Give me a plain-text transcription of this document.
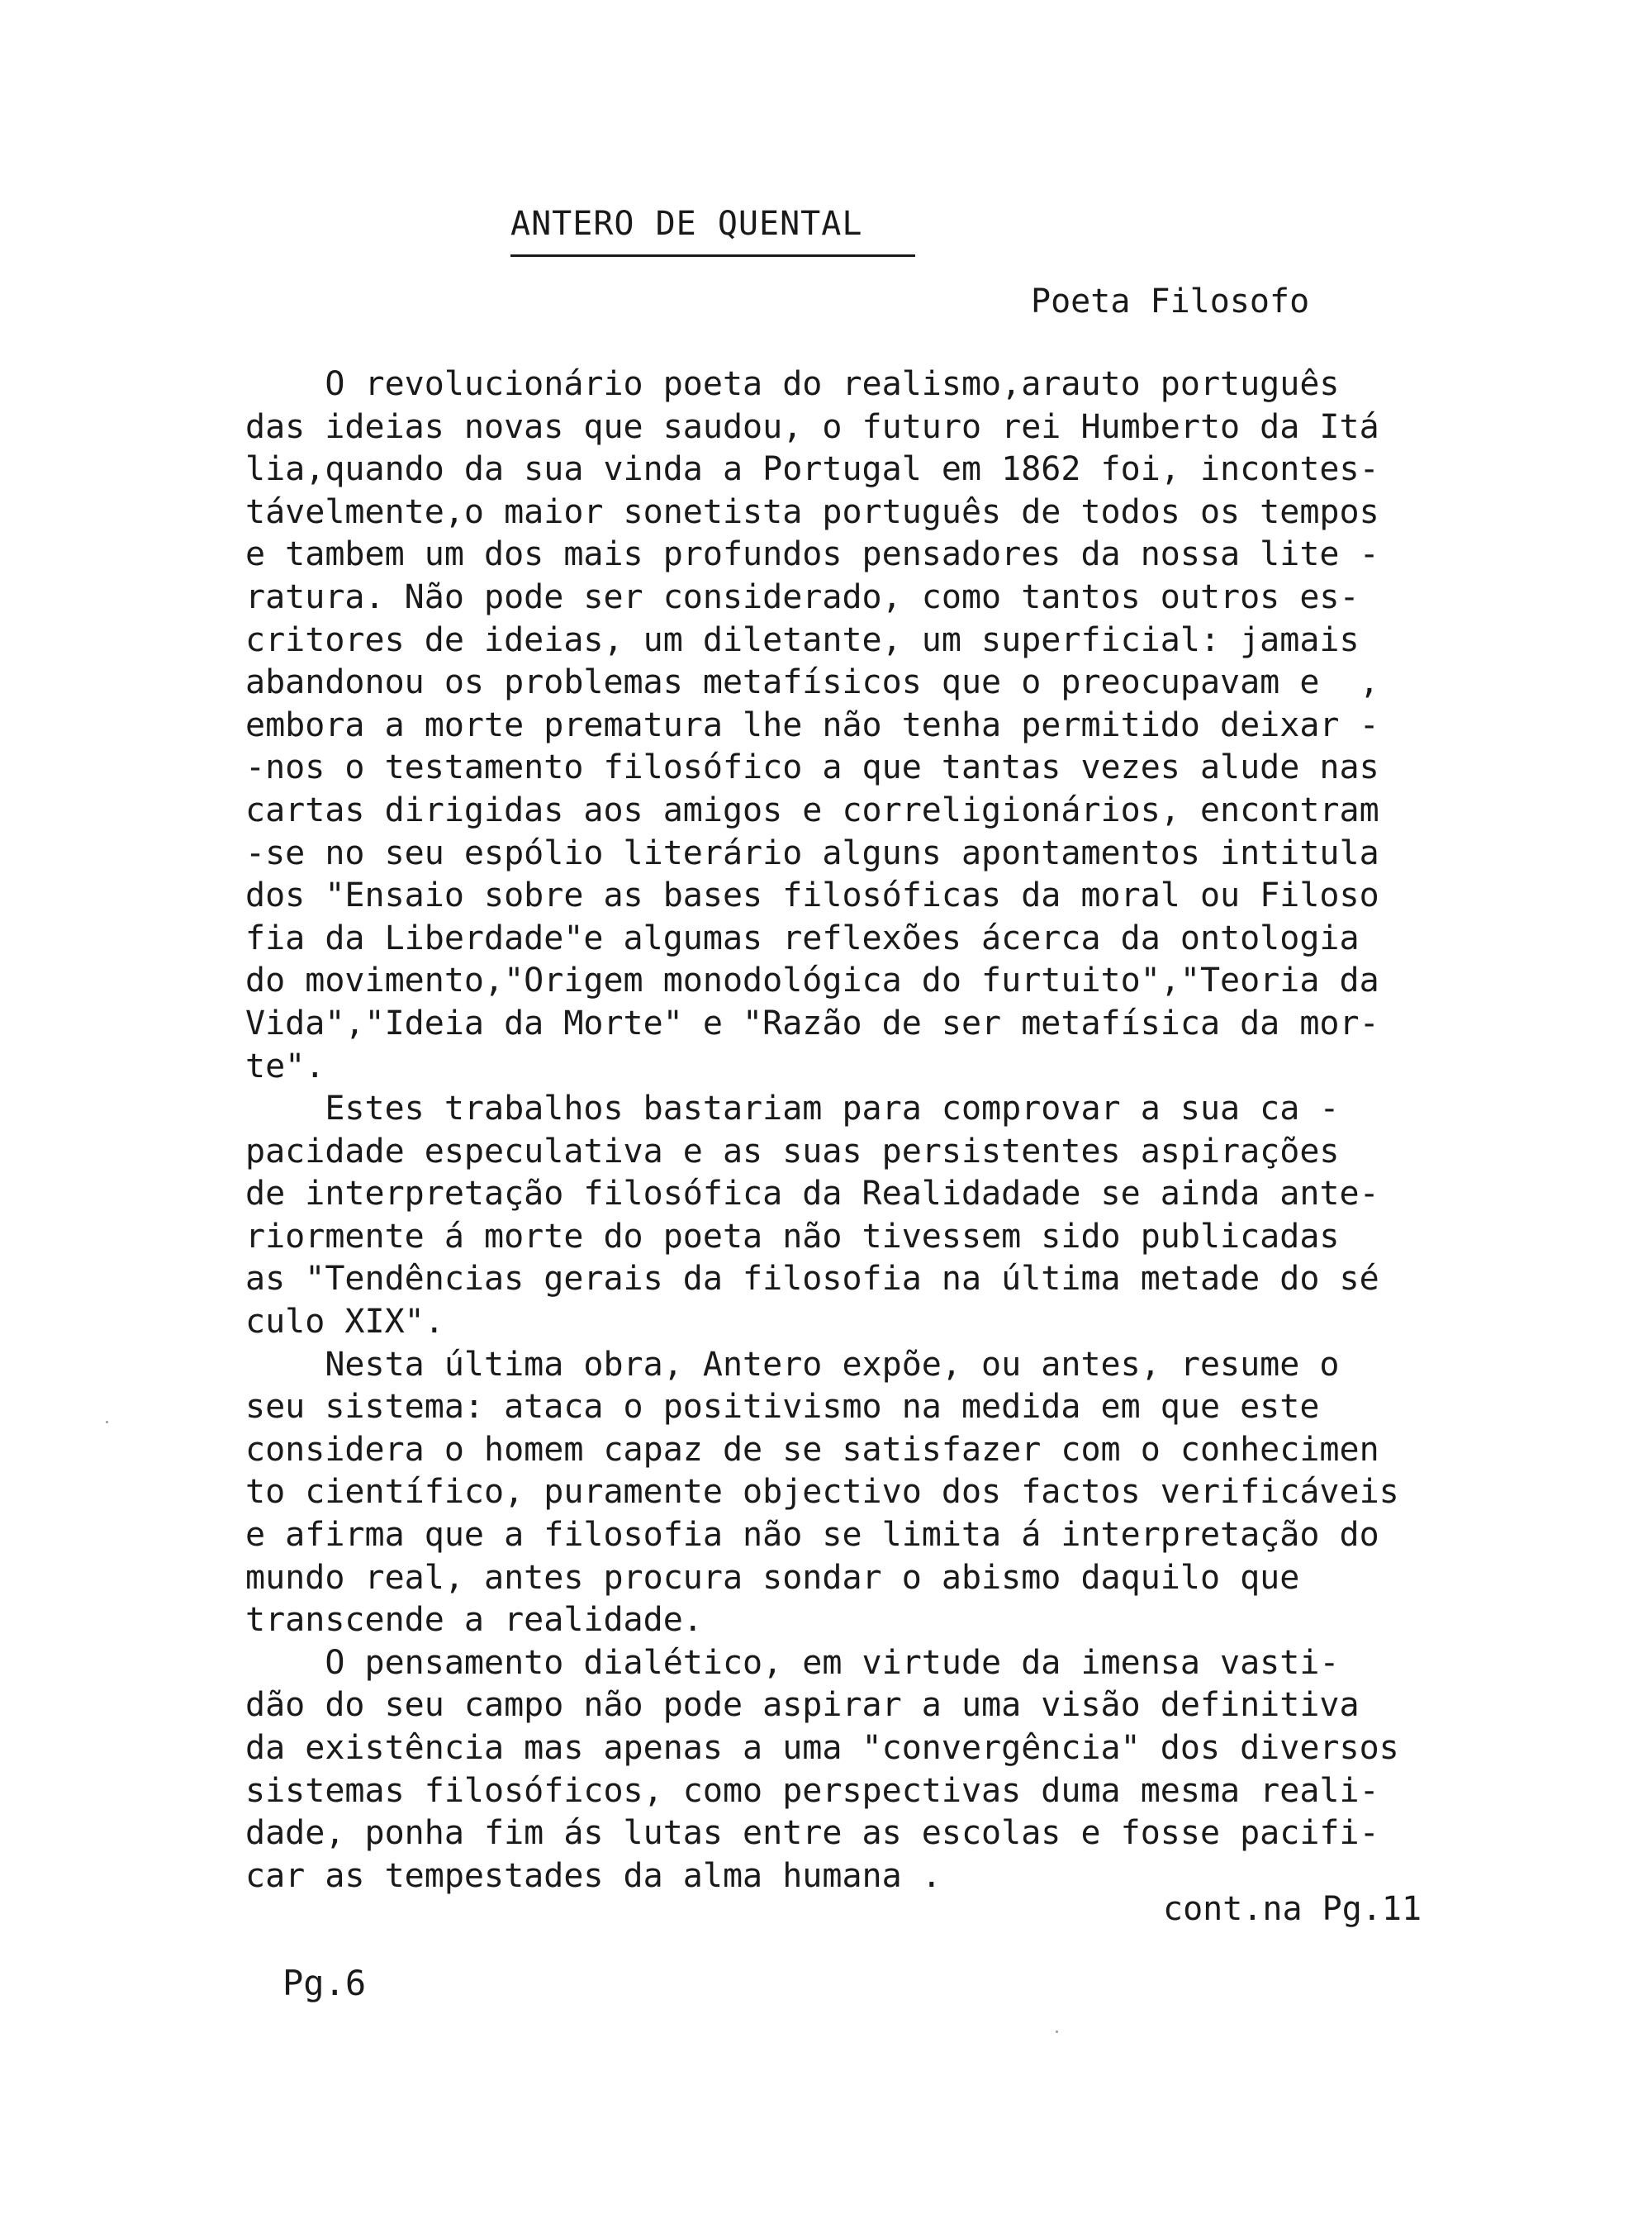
ANTERO DE QUENTAL
Poeta Filosofo
O revolucionário poeta do realismo,arauto português
das ideias novas que saudou, o futuro rei Humberto da Itá
lia,quando da sua vinda a Portugal em 1862 foi, incontes-
távelmente,o maior sonetista português de todos os tempos
e tambem um dos mais profundos pensadores da nossa lite -
ratura. Não pode ser considerado, como tantos outros es-
critores de ideias, um diletante, um superficial: jamais
abandonou os problemas metafísicos que o preocupavam e  ,
embora a morte prematura lhe não tenha permitido deixar -
-nos o testamento filosófico a que tantas vezes alude nas
cartas dirigidas aos amigos e correligionários, encontram
-se no seu espólio literário alguns apontamentos intitula
dos "Ensaio sobre as bases filosóficas da moral ou Filoso
fia da Liberdade"e algumas reflexões ácerca da ontologia
do movimento,"Origem monodológica do furtuito","Teoria da
Vida","Ideia da Morte" e "Razão de ser metafísica da mor-
te".
Estes trabalhos bastariam para comprovar a sua ca -
pacidade especulativa e as suas persistentes aspirações
de interpretação filosófica da Realidadade se ainda ante-
riormente á morte do poeta não tivessem sido publicadas
as "Tendências gerais da filosofia na última metade do sé
culo XIX".
Nesta última obra, Antero expõe, ou antes, resume o
seu sistema: ataca o positivismo na medida em que este
considera o homem capaz de se satisfazer com o conhecimen
to científico, puramente objectivo dos factos verificáveis
e afirma que a filosofia não se limita á interpretação do
mundo real, antes procura sondar o abismo daquilo que
transcende a realidade.
O pensamento dialético, em virtude da imensa vasti-
dão do seu campo não pode aspirar a uma visão definitiva
da existência mas apenas a uma "convergência" dos diversos
sistemas filosóficos, como perspectivas duma mesma reali-
dade, ponha fim ás lutas entre as escolas e fosse pacifi-
car as tempestades da alma humana .
cont.na Pg.11
Pg.6
